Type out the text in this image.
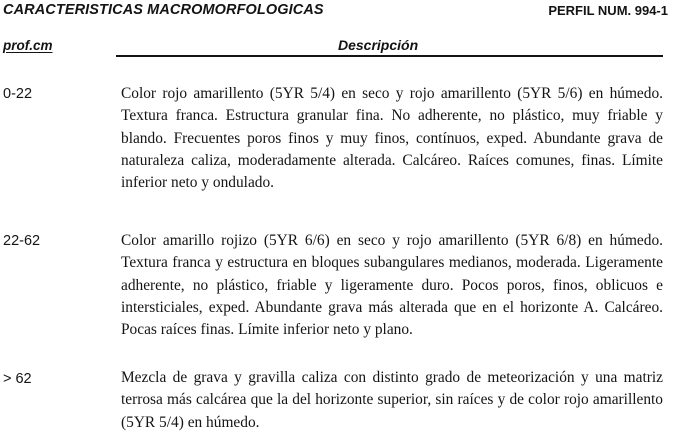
CARACTERISTICAS MACROMORFOLOGICAS	PERFIL NUM. 994-1
prof.cm	Descripción
0-22	Color rojo amarillento (5YR 5/4) en seco y rojo amarillento (5YR 5/6) en húmedo. Textura franca. Estructura granular fina. No adherente, no plástico, muy friable y blando. Frecuentes poros finos y muy finos, contínuos, exped. Abundante grava de naturaleza caliza, moderadamente alterada. Calcáreo. Raíces comunes, finas. Límite inferior neto y ondulado.
22-62	Color amarillo rojizo (5YR 6/6) en seco y rojo amarillento (5YR 6/8) en húmedo. Textura franca y estructura en bloques subangulares medianos, moderada. Ligeramente adherente, no plástico, friable y ligeramente duro. Pocos poros, finos, oblicuos e intersticiales, exped. Abundante grava más alterada que en el horizonte A. Calcáreo. Pocas raíces finas. Límite inferior neto y plano.
> 62	Mezcla de grava y gravilla caliza con distinto grado de meteorización y una matriz terrosa más calcárea que la del horizonte superior, sin raíces y de color rojo amarillento (5YR 5/4) en húmedo.
